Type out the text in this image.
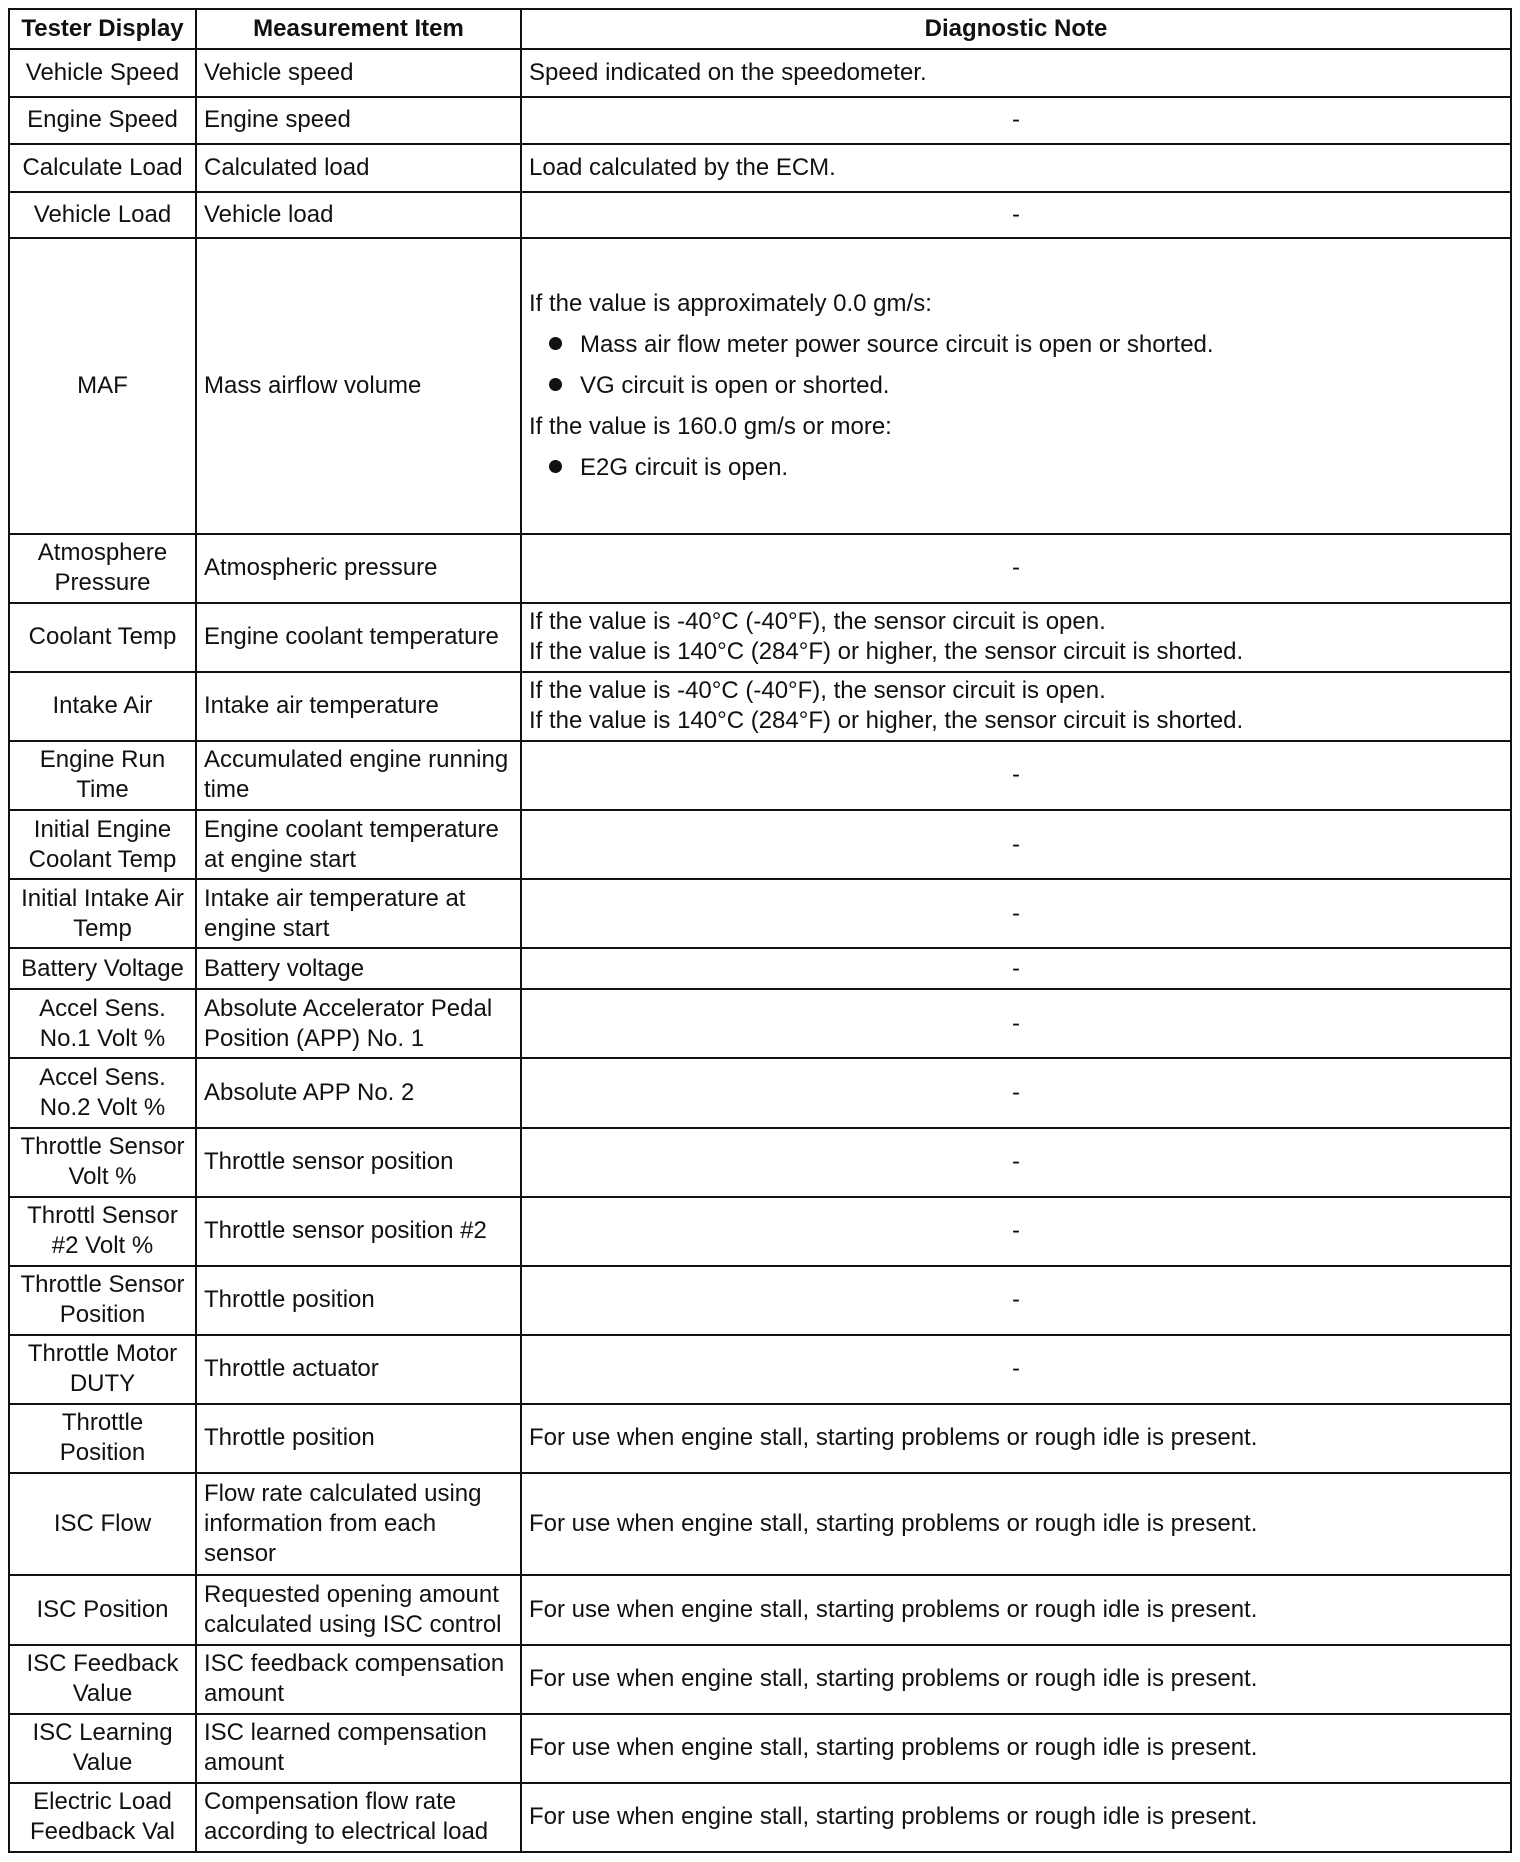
Tester Display	Measurement Item	Diagnostic Note
Vehicle Speed	Vehicle speed	Speed indicated on the speedometer.
Engine Speed	Engine speed	-
Calculate Load	Calculated load	Load calculated by the ECM.
Vehicle Load	Vehicle load	-
MAF	Mass airflow volume	If the value is approximately 0.0 gm/s:
Mass air flow meter power source circuit is open or shorted.
VG circuit is open or shorted.
If the value is 160.0 gm/s or more:
E2G circuit is open.

Atmosphere Pressure	Atmospheric pressure	-
Coolant Temp	Engine coolant temperature	If the value is -40°C (-40°F), the sensor circuit is open.
If the value is 140°C (284°F) or higher, the sensor circuit is shorted.

Intake Air	Intake air temperature	If the value is -40°C (-40°F), the sensor circuit is open.
If the value is 140°C (284°F) or higher, the sensor circuit is shorted.

Engine Run Time	Accumulated engine running time	-
Initial Engine Coolant Temp	Engine coolant temperature at engine start	-
Initial Intake Air Temp	Intake air temperature at engine start	-
Battery Voltage	Battery voltage	-
Accel Sens. No.1 Volt %	Absolute Accelerator Pedal Position (APP) No. 1	-
Accel Sens. No.2 Volt %	Absolute APP No. 2	-
Throttle Sensor Volt %	Throttle sensor position	-
Throttl Sensor #2 Volt %	Throttle sensor position #2	-
Throttle Sensor Position	Throttle position	-
Throttle Motor DUTY	Throttle actuator	-
Throttle Position	Throttle position	For use when engine stall, starting problems or rough idle is present.
ISC Flow	Flow rate calculated using information from each sensor	For use when engine stall, starting problems or rough idle is present.
ISC Position	Requested opening amount calculated using ISC control	For use when engine stall, starting problems or rough idle is present.
ISC Feedback Value	ISC feedback compensation amount	For use when engine stall, starting problems or rough idle is present.
ISC Learning Value	ISC learned compensation amount	For use when engine stall, starting problems or rough idle is present.
Electric Load Feedback Val	Compensation flow rate according to electrical load	For use when engine stall, starting problems or rough idle is present.
